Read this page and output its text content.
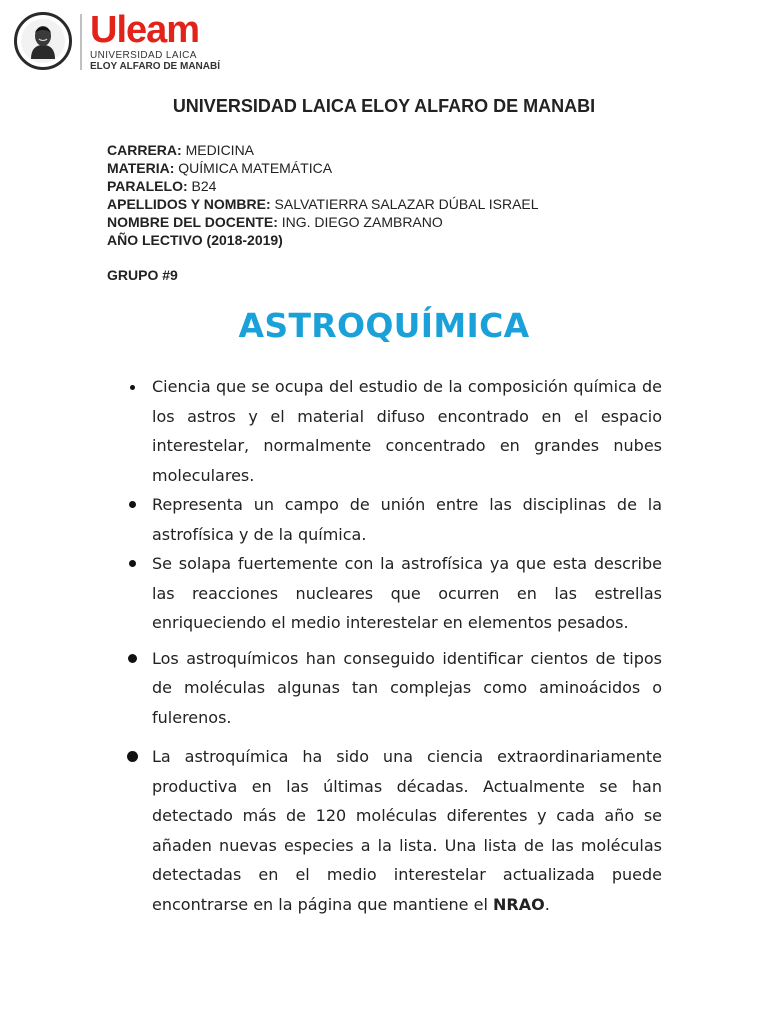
Uleam
UNIVERSIDAD LAICA
ELOY ALFARO DE MANABÍ
UNIVERSIDAD LAICA ELOY ALFARO DE MANABI
CARRERA: MEDICINA
MATERIA: QUÍMICA MATEMÁTICA
PARALELO: B24
APELLIDOS Y NOMBRE: SALVATIERRA SALAZAR DÚBAL ISRAEL
NOMBRE DEL DOCENTE: ING. DIEGO ZAMBRANO
AÑO LECTIVO (2018-2019)
GRUPO #9
ASTROQUÍMICA

Ciencia que se ocupa del estudio de la composición química de los astros y el material difuso encontrado en el espacio interestelar, normalmente concentrado en grandes nubes moleculares.

Representa un campo de unión entre las disciplinas de la astrofísica y de la química.

Se solapa fuertemente con la astrofísica ya que esta describe las reacciones nucleares que ocurren en las estrellas enriqueciendo el medio interestelar en elementos pesados.

Los astroquímicos han conseguido identificar cientos de tipos de moléculas algunas tan complejas como aminoácidos o fulerenos.

La astroquímica ha sido una ciencia extraordinariamente productiva en las últimas décadas. Actualmente se han detectado más de 120 moléculas diferentes y cada año se añaden nuevas especies a la lista. Una lista de las moléculas detectadas en el medio interestelar actualizada puede encontrarse en la página que mantiene el NRAO.
